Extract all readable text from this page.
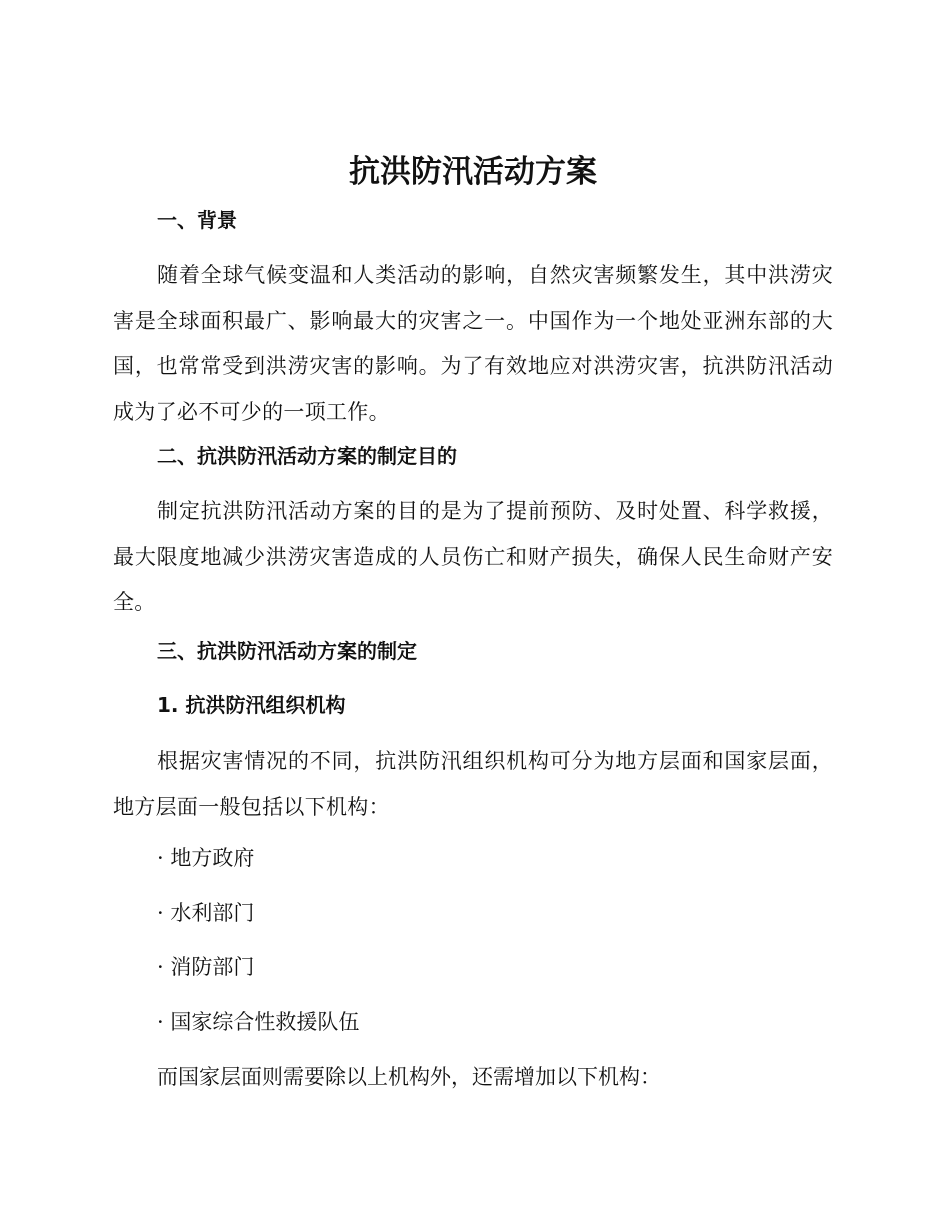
抗洪防汛活动方案
一、背景

随着全球气候变温和人类活动的影响，自然灾害频繁发生，其中洪涝灾害是全球面积最广、影响最大的灾害之一。中国作为一个地处亚洲东部的大国，也常常受到洪涝灾害的影响。为了有效地应对洪涝灾害，抗洪防汛活动成为了必不可少的一项工作。

二、抗洪防汛活动方案的制定目的

制定抗洪防汛活动方案的目的是为了提前预防、及时处置、科学救援，最大限度地减少洪涝灾害造成的人员伤亡和财产损失，确保人民生命财产安全。

三、抗洪防汛活动方案的制定
1. 抗洪防汛组织机构

根据灾害情况的不同，抗洪防汛组织机构可分为地方层面和国家层面，地方层面一般包括以下机构：

· 地方政府

· 水利部门

· 消防部门

· 国家综合性救援队伍

而国家层面则需要除以上机构外，还需增加以下机构：
